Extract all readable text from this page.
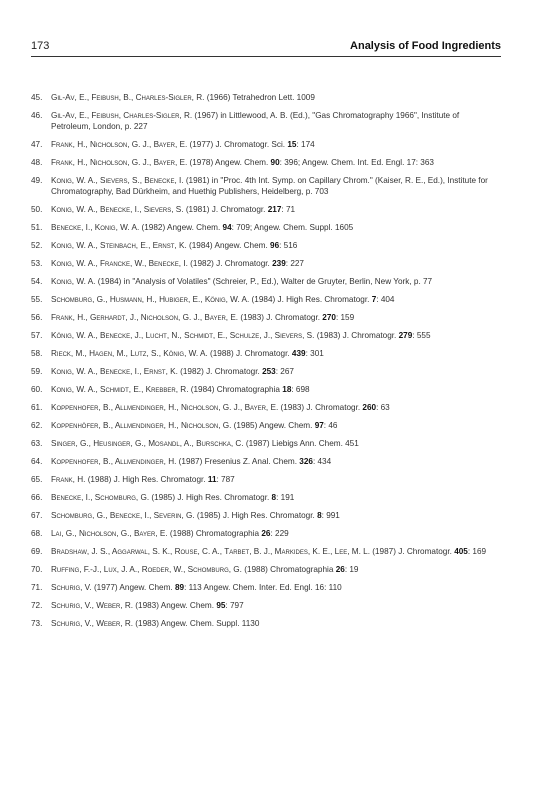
173	Analysis of Food Ingredients
45. Gil-Av, E., Feibush, B., Charles-Sigler, R. (1966) Tetrahedron Lett. 1009
46. Gil-Av, E., Feibush, Charles-Sigler, R. (1967) in Littlewood, A. B. (Ed.), "Gas Chromatography 1966", Institute of Petroleum, London, p. 227
47. Frank, H., Nicholson, G. J., Bayer, E. (1977) J. Chromatogr. Sci. 15: 174
48. Frank, H., Nicholson, G. J., Bayer, E. (1978) Angew. Chem. 90: 396; Angew. Chem. Int. Ed. Engl. 17: 363
49. Konig, W. A., Sievers, S., Benecke, I. (1981) in "Proc. 4th Int. Symp. on Capillary Chrom." (Kaiser, R. E., Ed.), Institute for Chromatography, Bad Dürkheim, and Huethig Publishers, Heidelberg, p. 703
50. Konig, W. A., Benecke, I., Sievers, S. (1981) J. Chromatogr. 217: 71
51. Benecke, I., Konig, W. A. (1982) Angew. Chem. 94: 709; Angew. Chem. Suppl. 1605
52. Konig, W. A., Steinbach, E., Ernst, K. (1984) Angew. Chem. 96: 516
53. Konig, W. A., Francke, W., Benecke, I. (1982) J. Chromatogr. 239: 227
54. Konig, W. A. (1984) in "Analysis of Volatiles" (Schreier, P., Ed.), Walter de Gruyter, Berlin, New York, p. 77
55. Schomburg, G., Husmann, H., Hubiger, E., König, W. A. (1984) J. High Res. Chromatogr. 7: 404
56. Frank, H., Gerhardt, J., Nicholson, G. J., Bayer, E. (1983) J. Chromatogr. 270: 159
57. König, W. A., Benecke, J., Lucht, N., Schmidt, E., Schulze, J., Sievers, S. (1983) J. Chromatogr. 279: 555
58. Rieck, M., Hagen, M., Lutz, S., König, W. A. (1988) J. Chromatogr. 439: 301
59. Konig, W. A., Benecke, I., Ernst, K. (1982) J. Chromatogr. 253: 267
60. Konig, W. A., Schmidt, E., Krebber, R. (1984) Chromatographia 18: 698
61. Koppenhofer, B., Allmendinger, H., Nicholson, G. J., Bayer, E. (1983) J. Chromatogr. 260: 63
62. Koppenhöfer, B., Allmendinger, H., Nicholson, G. (1985) Angew. Chem. 97: 46
63. Singer, G., Heusinger, G., Mosandl, A., Burschka, C. (1987) Liebigs Ann. Chem. 451
64. Koppenhofer, B., Allmendinger, H. (1987) Fresenius Z. Anal. Chem. 326: 434
65. Frank, H. (1988) J. High Res. Chromatogr. 11: 787
66. Benecke, I., Schomburg, G. (1985) J. High Res. Chromatogr. 8: 191
67. Schomburg, G., Benecke, I., Severin, G. (1985) J. High Res. Chromatogr. 8: 991
68. Lai, G., Nicholson, G., Bayer, E. (1988) Chromatographia 26: 229
69. Bradshaw, J. S., Aggarwal, S. K., Rouse, C. A., Tarbet, B. J., Markides, K. E., Lee, M. L. (1987) J. Chromatogr. 405: 169
70. Ruffing, F.-J., Lux, J. A., Roeder, W., Schomburg, G. (1988) Chromatographia 26: 19
71. Schurig, V. (1977) Angew. Chem. 89: 113 Angew. Chem. Inter. Ed. Engl. 16: 110
72. Schurig, V., Weber, R. (1983) Angew. Chem. 95: 797
73. Schurig, V., Weber, R. (1983) Angew. Chem. Suppl. 1130
